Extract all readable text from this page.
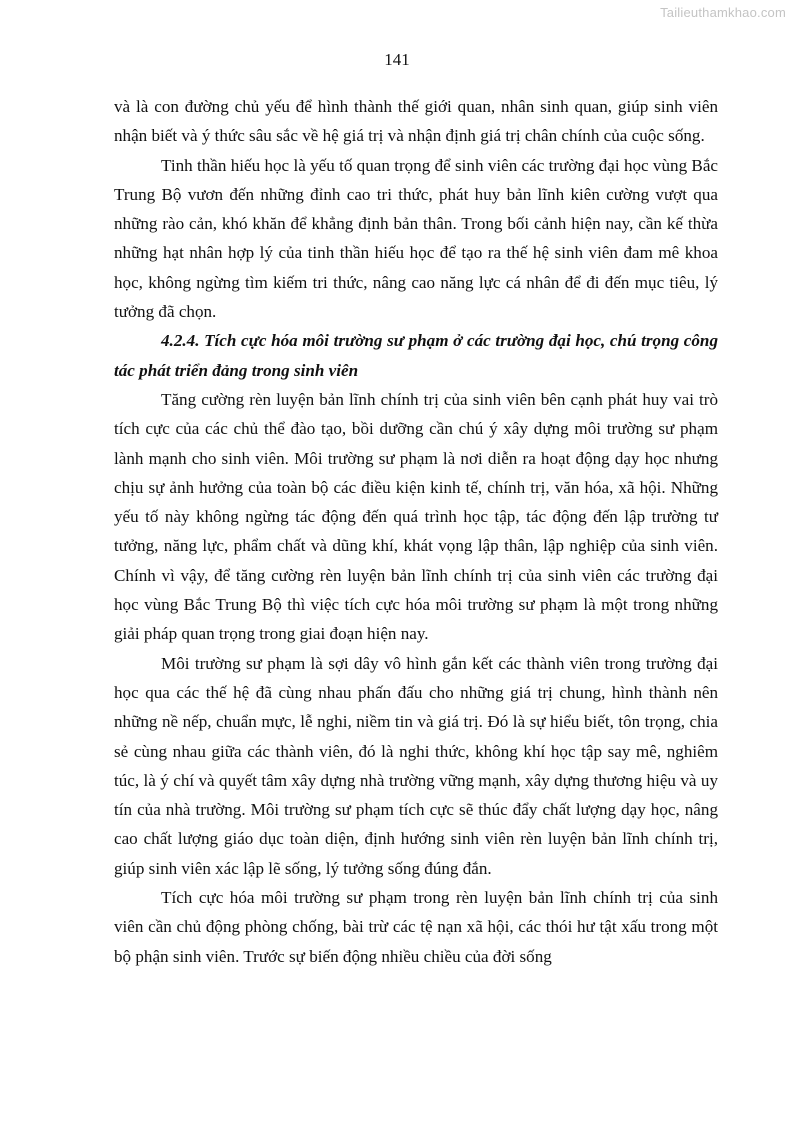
Tailieuthamkhao.com
141

và là con đường chủ yếu để hình thành thế giới quan, nhân sinh quan, giúp sinh viên nhận biết và ý thức sâu sắc về hệ giá trị và nhận định giá trị chân chính của cuộc sống.

Tinh thần hiếu học là yếu tố quan trọng để sinh viên các trường đại học vùng Bắc Trung Bộ vươn đến những đỉnh cao tri thức, phát huy bản lĩnh kiên cường vượt qua những rào cản, khó khăn để khẳng định bản thân. Trong bối cảnh hiện nay, cần kế thừa những hạt nhân hợp lý của tinh thần hiếu học để tạo ra thế hệ sinh viên đam mê khoa học, không ngừng tìm kiếm tri thức, nâng cao năng lực cá nhân để đi đến mục tiêu, lý tưởng đã chọn.

4.2.4. Tích cực hóa môi trường sư phạm ở các trường đại học, chú trọng công tác phát triển đảng trong sinh viên

Tăng cường rèn luyện bản lĩnh chính trị của sinh viên bên cạnh phát huy vai trò tích cực của các chủ thể đào tạo, bồi dưỡng cần chú ý xây dựng môi trường sư phạm lành mạnh cho sinh viên. Môi trường sư phạm là nơi diễn ra hoạt động dạy học nhưng chịu sự ảnh hưởng của toàn bộ các điều kiện kinh tế, chính trị, văn hóa, xã hội. Những yếu tố này không ngừng tác động đến quá trình học tập, tác động đến lập trường tư tưởng, năng lực, phẩm chất và dũng khí, khát vọng lập thân, lập nghiệp của sinh viên. Chính vì vậy, để tăng cường rèn luyện bản lĩnh chính trị của sinh viên các trường đại học vùng Bắc Trung Bộ thì việc tích cực hóa môi trường sư phạm là một trong những giải pháp quan trọng trong giai đoạn hiện nay.

Môi trường sư phạm là sợi dây vô hình gắn kết các thành viên trong trường đại học qua các thế hệ đã cùng nhau phấn đấu cho những giá trị chung, hình thành nên những nề nếp, chuẩn mực, lễ nghi, niềm tin và giá trị. Đó là sự hiểu biết, tôn trọng, chia sẻ cùng nhau giữa các thành viên, đó là nghi thức, không khí học tập say mê, nghiêm túc, là ý chí và quyết tâm xây dựng nhà trường vững mạnh, xây dựng thương hiệu và uy tín của nhà trường. Môi trường sư phạm tích cực sẽ thúc đẩy chất lượng dạy học, nâng cao chất lượng giáo dục toàn diện, định hướng sinh viên rèn luyện bản lĩnh chính trị, giúp sinh viên xác lập lẽ sống, lý tưởng sống đúng đắn.

Tích cực hóa môi trường sư phạm trong rèn luyện bản lĩnh chính trị của sinh viên cần chủ động phòng chống, bài trừ các tệ nạn xã hội, các thói hư tật xấu trong một bộ phận sinh viên. Trước sự biến động nhiều chiều của đời sống
